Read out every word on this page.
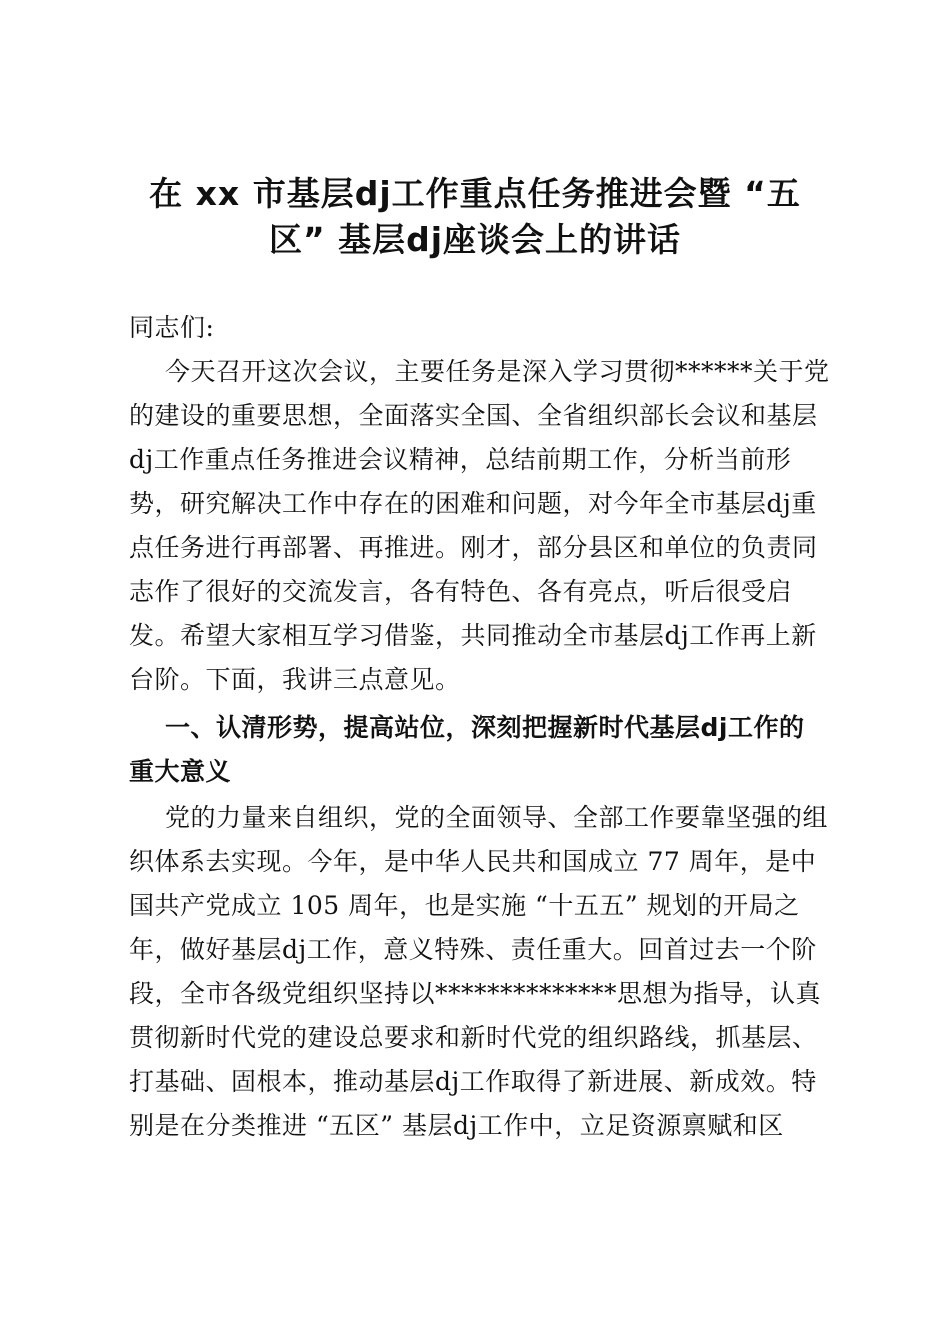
在 xx 市基层dj工作重点任务推进会暨 “五
区” 基层dj座谈会上的讲话
同志们:
今天召开这次会议，主要任务是深入学习贯彻******关于党
的建设的重要思想，全面落实全国、全省组织部长会议和基层
dj工作重点任务推进会议精神，总结前期工作，分析当前形
势，研究解决工作中存在的困难和问题，对今年全市基层dj重
点任务进行再部署、再推进。刚才，部分县区和单位的负责同
志作了很好的交流发言，各有特色、各有亮点，听后很受启
发。希望大家相互学习借鉴，共同推动全市基层dj工作再上新
台阶。下面，我讲三点意见。
一、认清形势，提高站位，深刻把握新时代基层dj工作的
重大意义
党的力量来自组织，党的全面领导、全部工作要靠坚强的组
织体系去实现。今年，是中华人民共和国成立 77 周年，是中
国共产党成立 105 周年，也是实施 “十五五” 规划的开局之
年，做好基层dj工作，意义特殊、责任重大。回首过去一个阶
段，全市各级党组织坚持以**************思想为指导，认真
贯彻新时代党的建设总要求和新时代党的组织路线，抓基层、
打基础、固根本，推动基层dj工作取得了新进展、新成效。特
别是在分类推进 “五区” 基层dj工作中，立足资源禀赋和区
